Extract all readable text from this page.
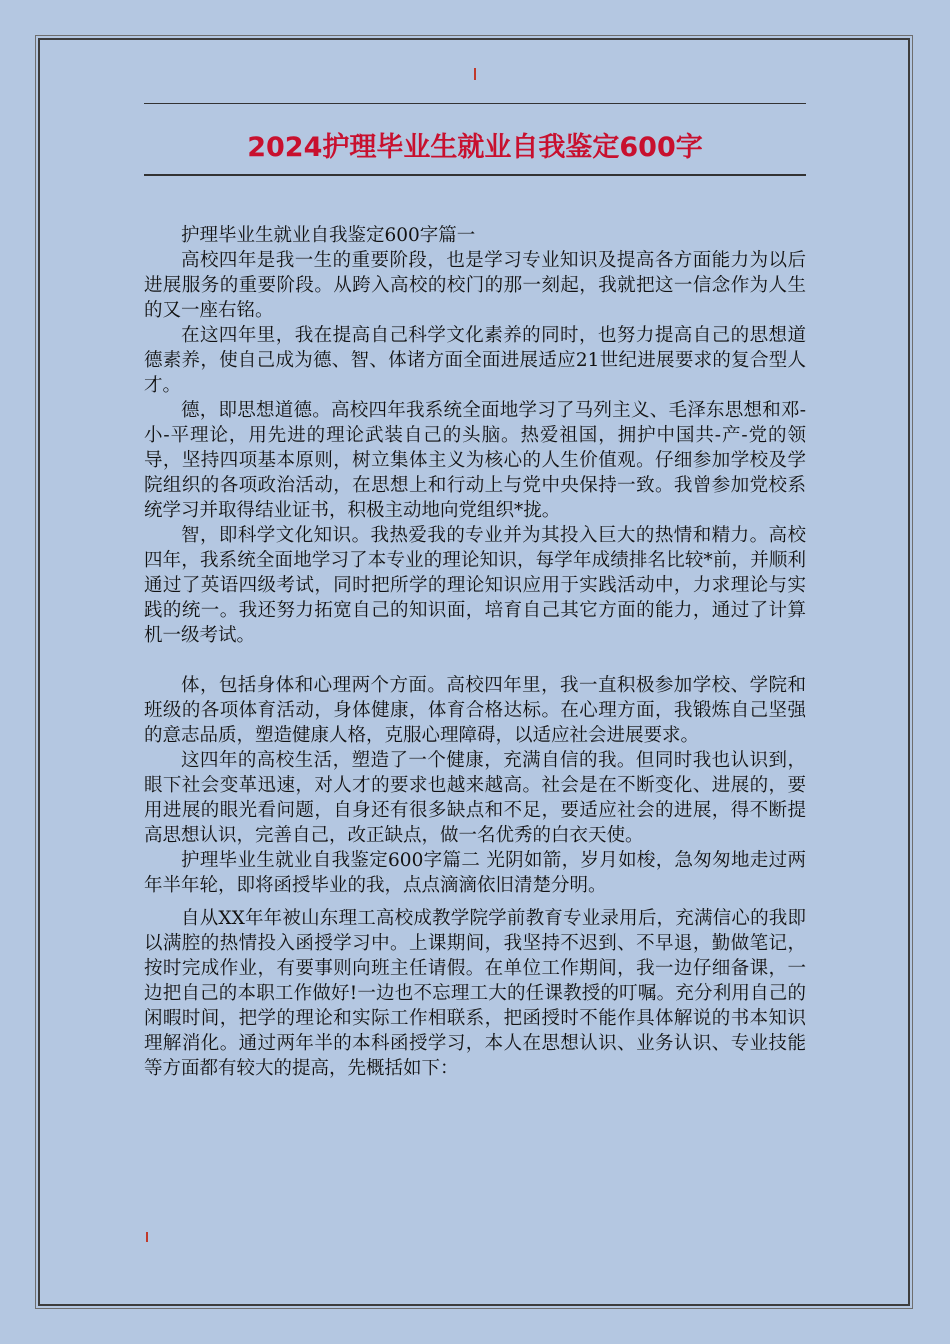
2024护理毕业生就业自我鉴定600字

护理毕业生就业自我鉴定600字篇一

高校四年是我一生的重要阶段，也是学习专业知识及提高各方面能力为以后进展服务的重要阶段。从跨入高校的校门的那一刻起，我就把这一信念作为人生的又一座右铭。

在这四年里，我在提高自己科学文化素养的同时，也努力提高自己的思想道德素养，使自己成为德、智、体诸方面全面进展适应21世纪进展要求的复合型人才。

德，即思想道德。高校四年我系统全面地学习了马列主义、毛泽东思想和邓-小-平理论，用先进的理论武装自己的头脑。热爱祖国，拥护中国共-产-党的领导，坚持四项基本原则，树立集体主义为核心的人生价值观。仔细参加学校及学院组织的各项政治活动，在思想上和行动上与党中央保持一致。我曾参加党校系统学习并取得结业证书，积极主动地向党组织*拢。

智，即科学文化知识。我热爱我的专业并为其投入巨大的热情和精力。高校四年，我系统全面地学习了本专业的理论知识，每学年成绩排名比较*前，并顺利通过了英语四级考试，同时把所学的理论知识应用于实践活动中，力求理论与实践的统一。我还努力拓宽自己的知识面，培育自己其它方面的能力，通过了计算机一级考试。

体，包括身体和心理两个方面。高校四年里，我一直积极参加学校、学院和班级的各项体育活动，身体健康，体育合格达标。在心理方面，我锻炼自己坚强的意志品质，塑造健康人格，克服心理障碍，以适应社会进展要求。

这四年的高校生活，塑造了一个健康，充满自信的我。但同时我也认识到，眼下社会变革迅速，对人才的要求也越来越高。社会是在不断变化、进展的，要用进展的眼光看问题，自身还有很多缺点和不足，要适应社会的进展，得不断提高思想认识，完善自己，改正缺点，做一名优秀的白衣天使。

护理毕业生就业自我鉴定600字篇二 光阴如箭，岁月如梭，急匆匆地走过两年半年轮，即将函授毕业的我，点点滴滴依旧清楚分明。

自从XX年年被山东理工高校成教学院学前教育专业录用后，充满信心的我即以满腔的热情投入函授学习中。上课期间，我坚持不迟到、不早退，勤做笔记，按时完成作业，有要事则向班主任请假。在单位工作期间，我一边仔细备课，一边把自己的本职工作做好!一边也不忘理工大的任课教授的叮嘱。充分利用自己的闲暇时间，把学的理论和实际工作相联系，把函授时不能作具体解说的书本知识理解消化。通过两年半的本科函授学习，本人在思想认识、业务认识、专业技能等方面都有较大的提高，先概括如下：
